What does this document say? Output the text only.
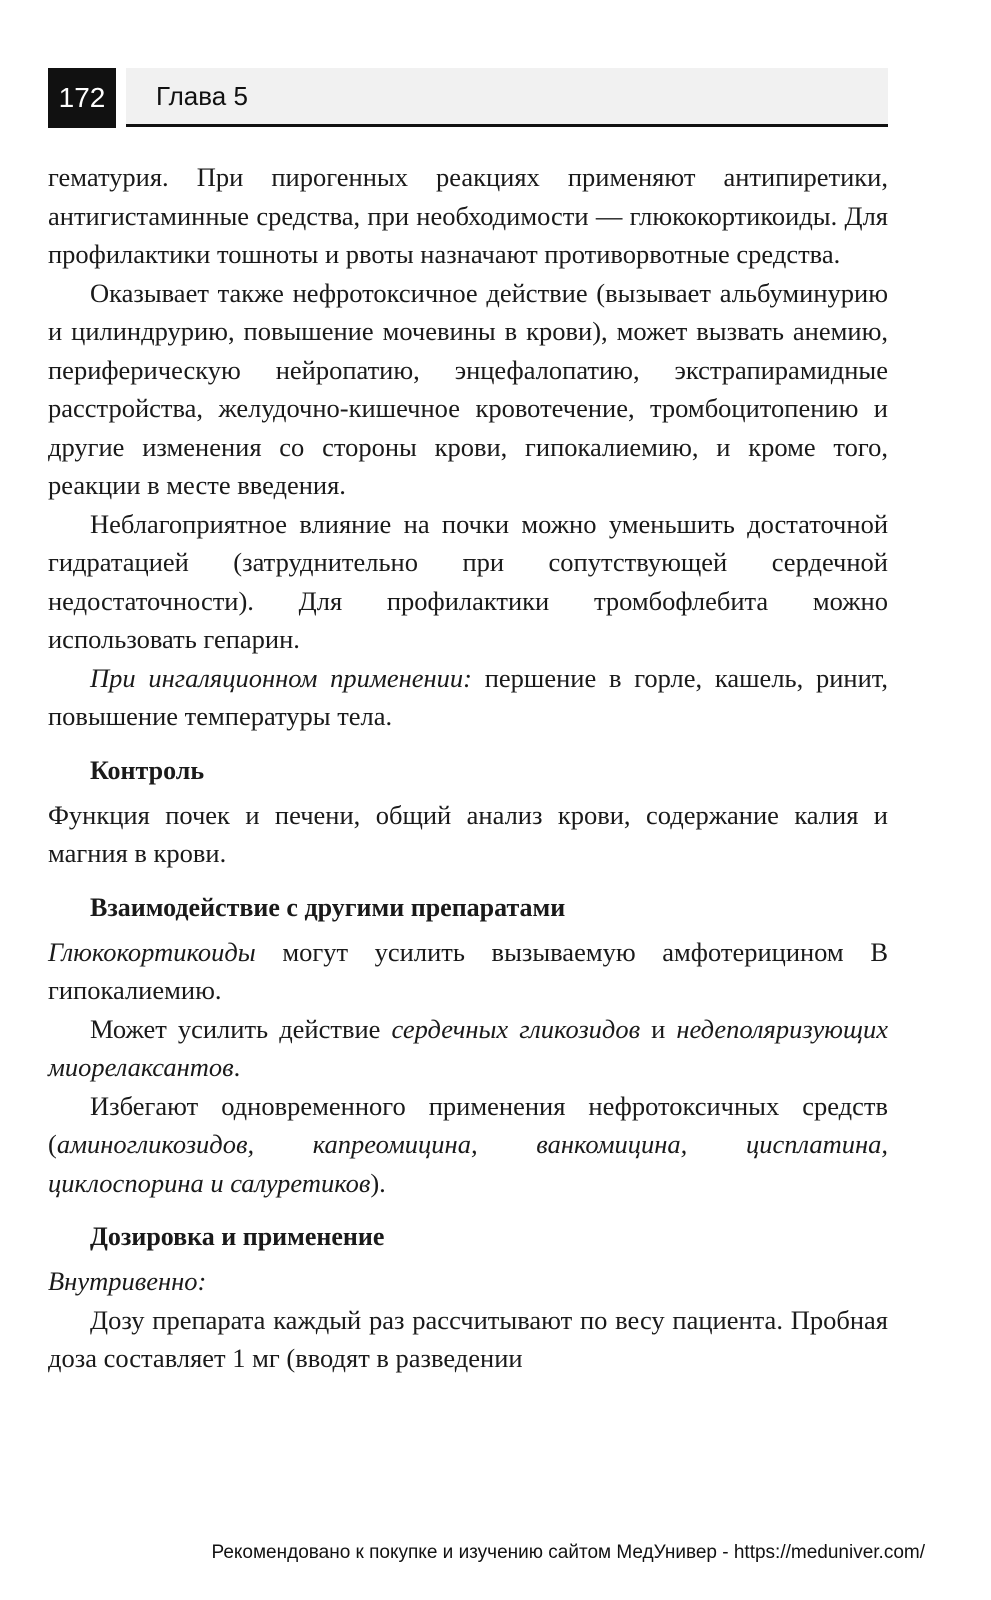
172	Глава 5

гематурия. При пирогенных реакциях применяют антипиретики, антигистаминные средства, при необходимости — глюкокортикоиды. Для профилактики тошноты и рвоты назначают противорвотные средства.

Оказывает также нефротоксичное действие (вызывает альбуминурию и цилиндрурию, повышение мочевины в крови), может вызвать анемию, периферическую нейропатию, энцефалопатию, экстрапирамидные расстройства, желудочно-кишечное кровотечение, тромбоцитопению и другие изменения со стороны крови, гипокалиемию, и кроме того, реакции в месте введения.

Неблагоприятное влияние на почки можно уменьшить достаточной гидратацией (затруднительно при сопутствующей сердечной недостаточности). Для профилактики тромбофлебита можно использовать гепарин.

При ингаляционном применении: першение в горле, кашель, ринит, повышение температуры тела.

Контроль

Функция почек и печени, общий анализ крови, содержание калия и магния в крови.

Взаимодействие с другими препаратами

Глюкокортикоиды могут усилить вызываемую амфотерицином В гипокалиемию.

Может усилить действие сердечных гликозидов и недеполяризующих миорелаксантов.

Избегают одновременного применения нефротоксичных средств (аминогликозидов, капреомицина, ванкомицина, цисплатина, циклоспорина и салуретиков).

Дозировка и применение

Внутривенно:

Дозу препарата каждый раз рассчитывают по весу пациента. Пробная доза составляет 1 мг (вводят в разведении

Рекомендовано к покупке и изучению сайтом МедУнивер - https://meduniver.com/
